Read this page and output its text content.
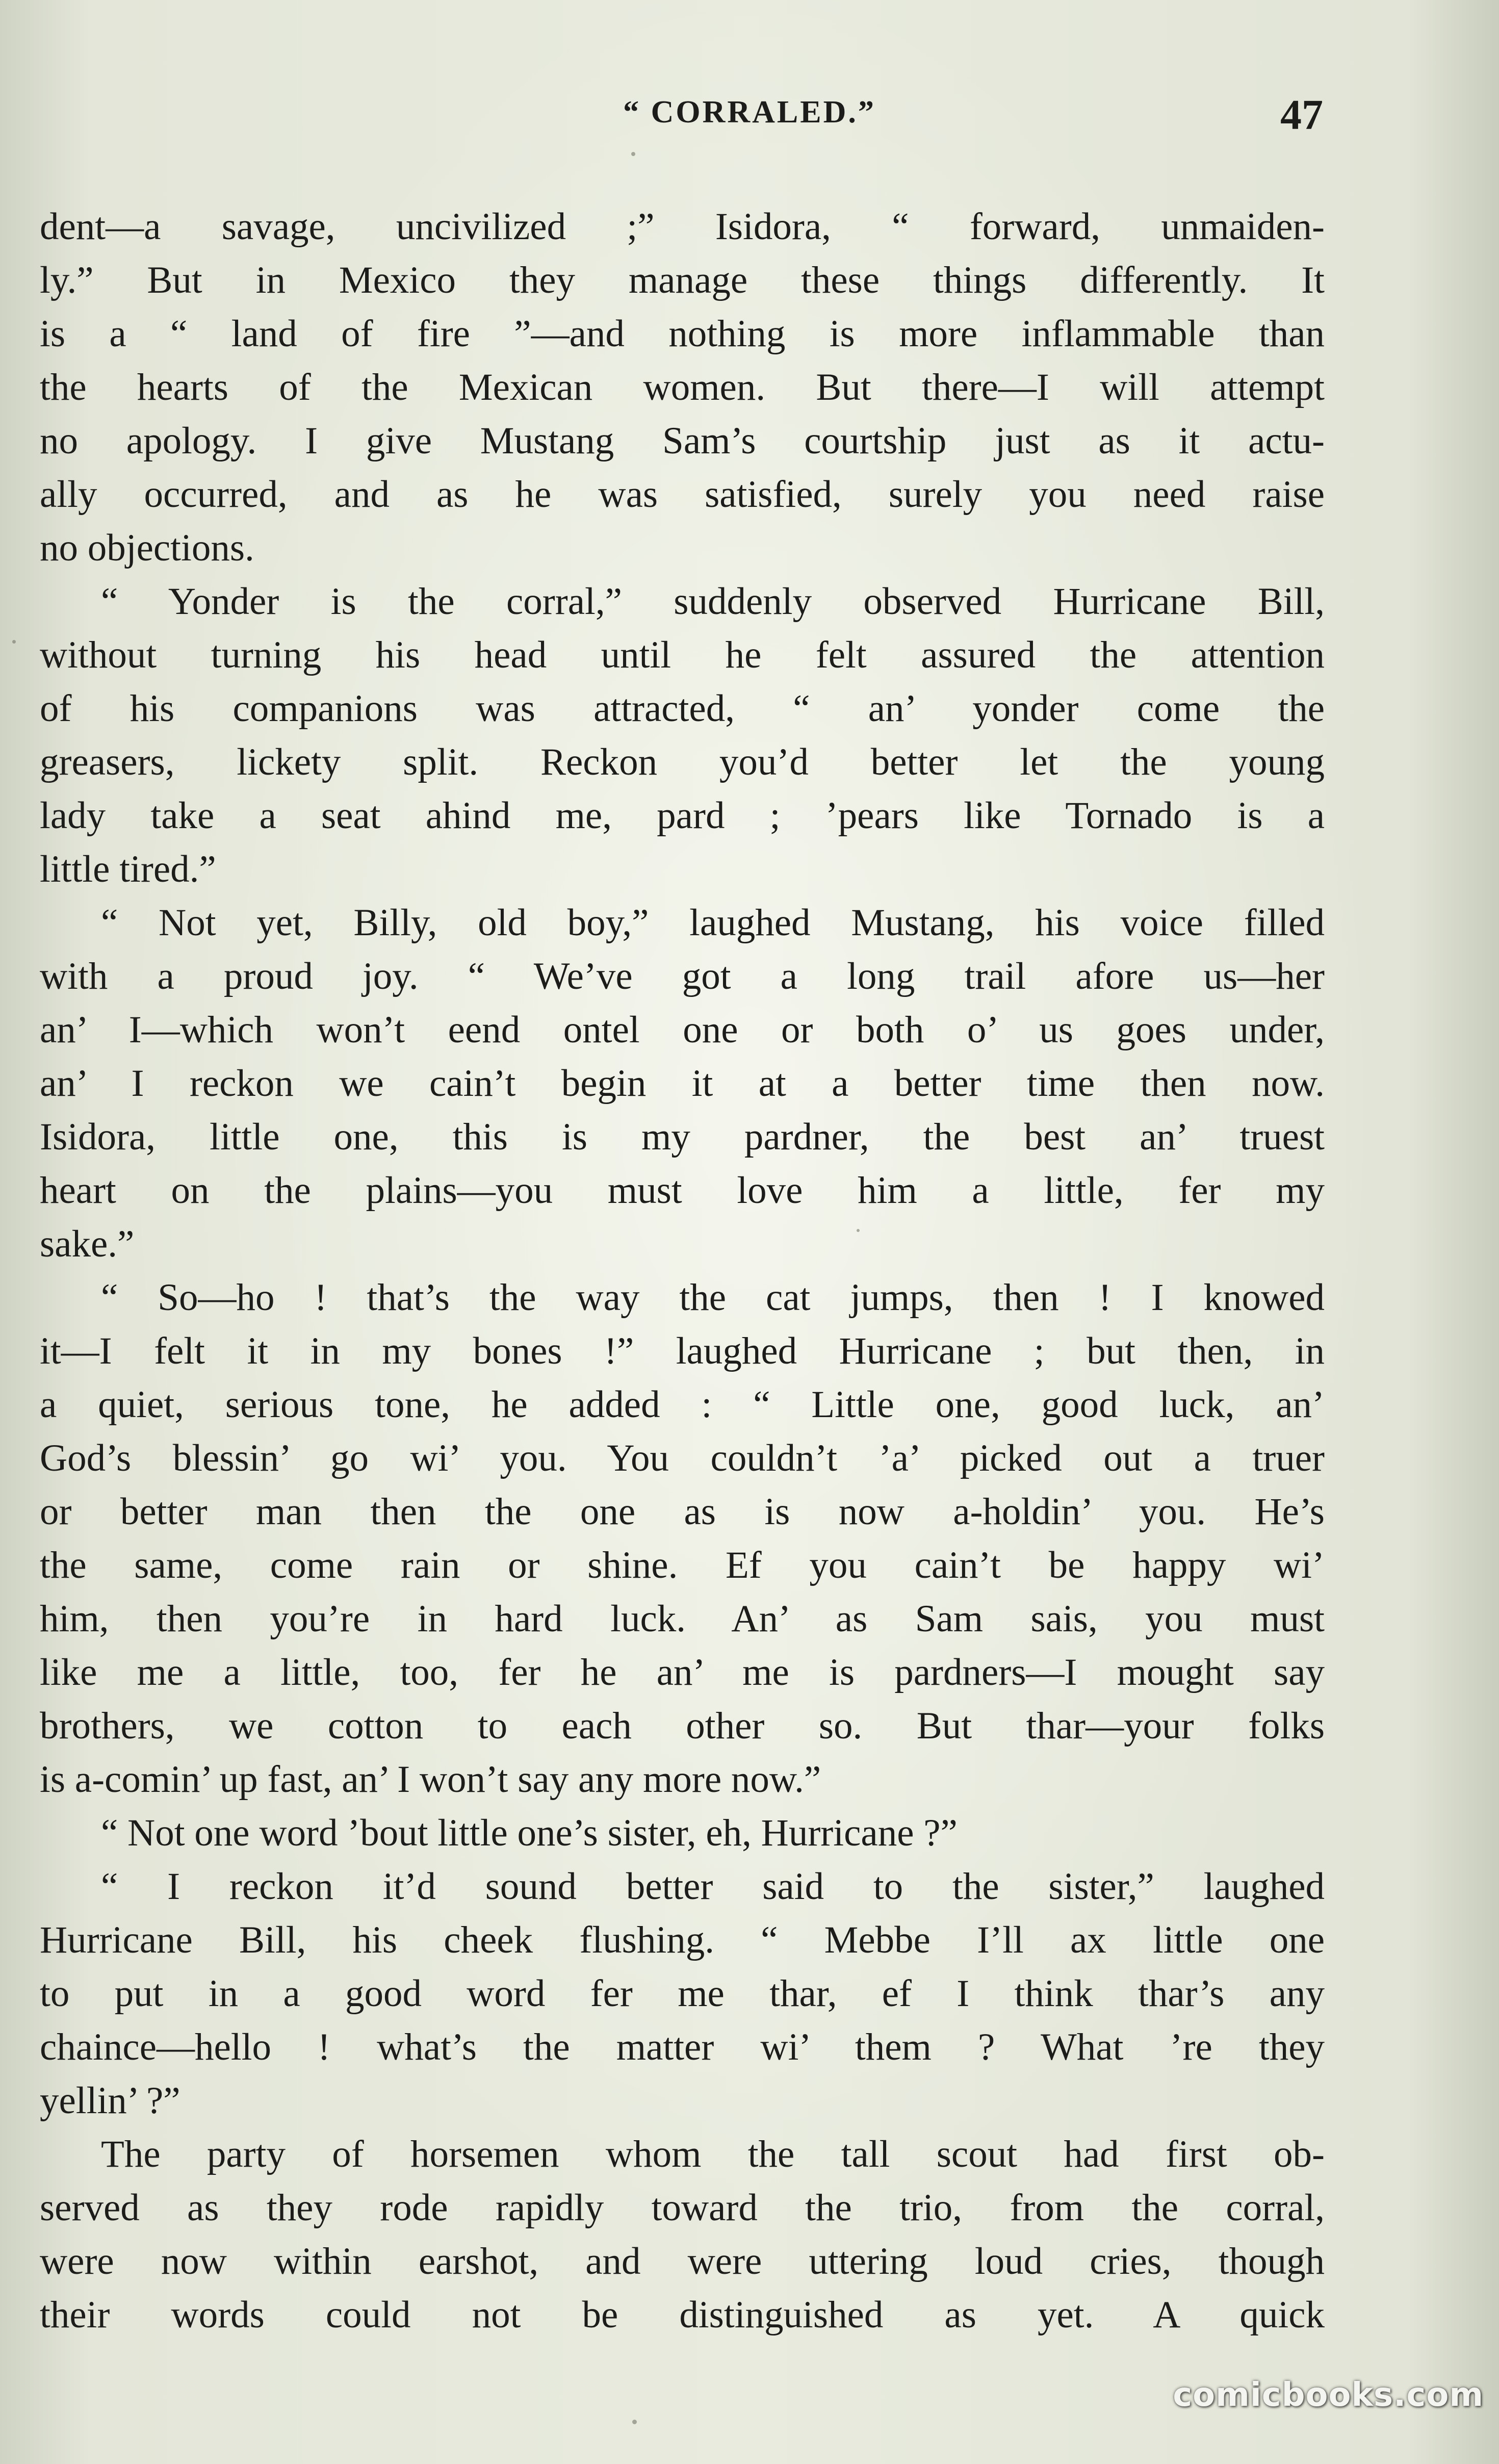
“ CORRALED.”	47
dent—a savage, uncivilized ;” Isidora, “ forward, unmaiden-
ly.” But in Mexico they manage these things differently. It
is a “ land of fire ”—and nothing is more inflammable than
the hearts of the Mexican women. But there—I will attempt
no apology. I give Mustang Sam’s courtship just as it actu-
ally occurred, and as he was satisfied, surely you need raise
no objections.
“ Yonder is the corral,” suddenly observed Hurricane Bill,
without turning his head until he felt assured the attention
of his companions was attracted, “ an’ yonder come the
greasers, lickety split. Reckon you’d better let the young
lady take a seat ahind me, pard ; ’pears like Tornado is a
little tired.”
“ Not yet, Billy, old boy,” laughed Mustang, his voice filled
with a proud joy. “ We’ve got a long trail afore us—her
an’ I—which won’t eend ontel one or both o’ us goes under,
an’ I reckon we cain’t begin it at a better time then now.
Isidora, little one, this is my pardner, the best an’ truest
heart on the plains—you must love him a little, fer my
sake.”
“ So—ho ! that’s the way the cat jumps, then ! I knowed
it—I felt it in my bones !” laughed Hurricane ; but then, in
a quiet, serious tone, he added : “ Little one, good luck, an’
God’s blessin’ go wi’ you. You couldn’t ’a’ picked out a truer
or better man then the one as is now a-holdin’ you. He’s
the same, come rain or shine. Ef you cain’t be happy wi’
him, then you’re in hard luck. An’ as Sam sais, you must
like me a little, too, fer he an’ me is pardners—I mought say
brothers, we cotton to each other so. But thar—your folks
is a-comin’ up fast, an’ I won’t say any more now.”
“ Not one word ’bout little one’s sister, eh, Hurricane ?”
“ I reckon it’d sound better said to the sister,” laughed
Hurricane Bill, his cheek flushing. “ Mebbe I’ll ax little one
to put in a good word fer me thar, ef I think thar’s any
chaince—hello ! what’s the matter wi’ them ? What ’re they
yellin’ ?”
The party of horsemen whom the tall scout had first ob-
served as they rode rapidly toward the trio, from the corral,
were now within earshot, and were uttering loud cries, though
their words could not be distinguished as yet. A quick
comicbooks.com
